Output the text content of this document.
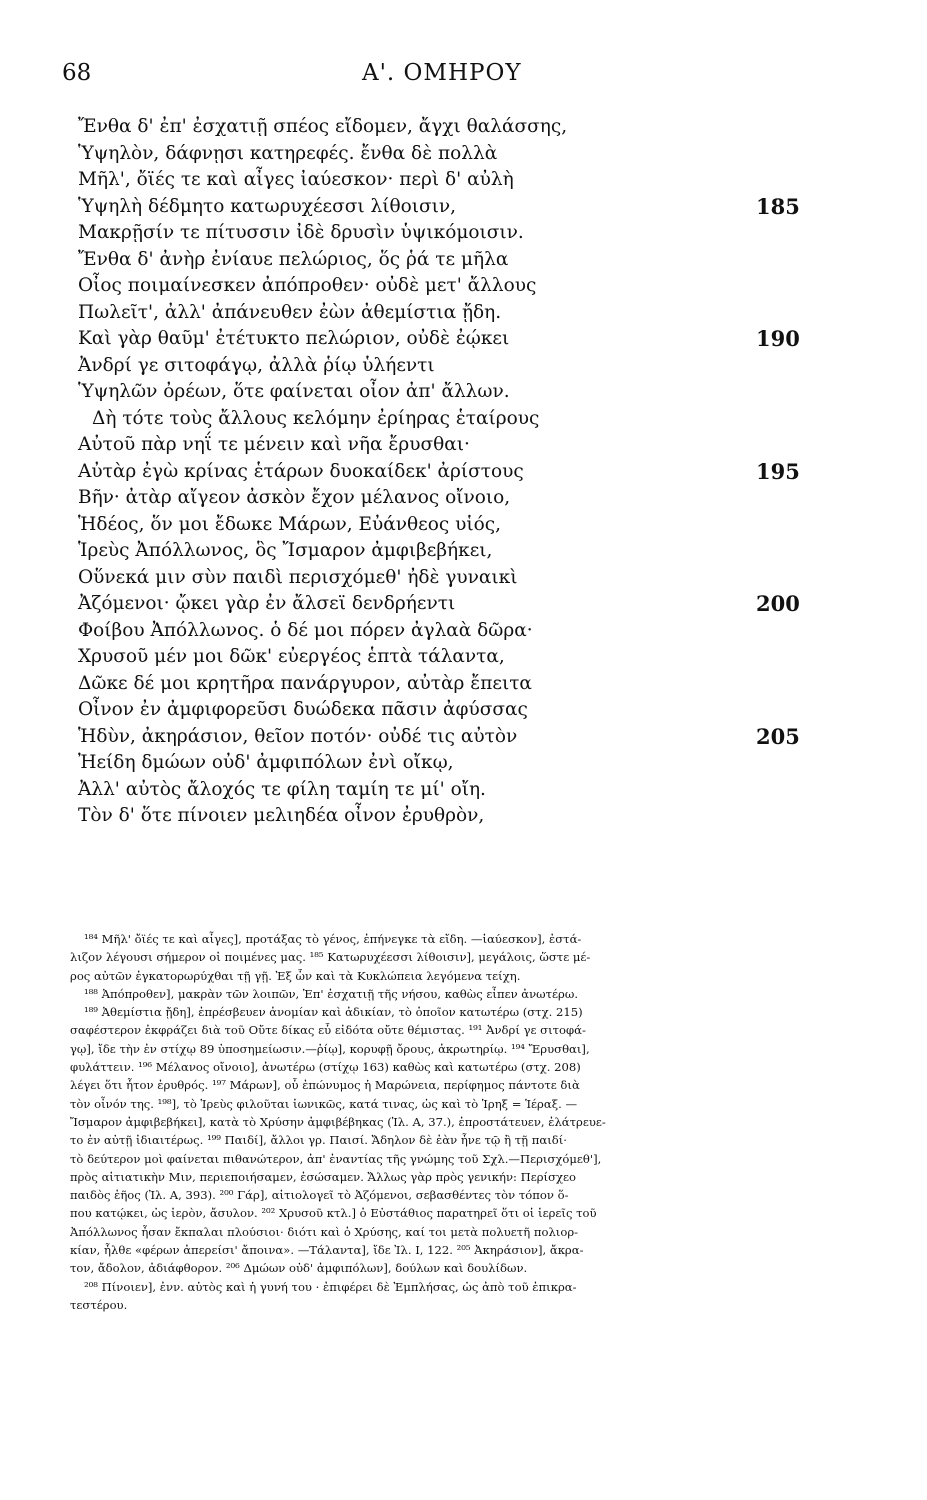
68	Α'. ΟΜΗΡΟΥ
Ἔνθα δ' ἐπ' ἐσχατιῇ σπέος εἴδομεν, ἄγχι θαλάσσης,
Ὑψηλὸν, δάφνῃσι κατηρεφές. ἔνθα δὲ πολλὰ
Μῆλ', ὄϊές τε καὶ αἶγες ἰαύεσκον· περὶ δ' αὐλὴ
Ὑψηλὴ δέδμητο κατωρυχέεσσι λίθοισιν,	185
Μακρῇσίν τε πίτυσσιν ἰδὲ δρυσὶν ὑψικόμοισιν.
Ἔνθα δ' ἀνὴρ ἐνίαυε πελώριος, ὅς ῥά τε μῆλα
Οἶος ποιμαίνεσκεν ἀπόπροθεν· οὐδὲ μετ' ἄλλους
Πωλεῖτ', ἀλλ' ἀπάνευθεν ἐὼν ἀθεμίστια ᾔδη.
Καὶ γὰρ θαῦμ' ἐτέτυκτο πελώριον, οὐδὲ ἐῴκει	190
Ἀνδρί γε σιτοφάγῳ, ἀλλὰ ῥίῳ ὑλήεντι
Ὑψηλῶν ὀρέων, ὅτε φαίνεται οἶον ἀπ' ἄλλων.
Δὴ τότε τοὺς ἄλλους κελόμην ἐρίηρας ἑταίρους
Αὐτοῦ πὰρ νηΐ τε μένειν καὶ νῆα ἔρυσθαι·
Αὐτὰρ ἐγὼ κρίνας ἑτάρων δυοκαίδεκ' ἀρίστους	195
Βῆν· ἀτὰρ αἴγεον ἀσκὸν ἔχον μέλανος οἴνοιο,
Ἡδέος, ὅν μοι ἔδωκε Μάρων, Εὐάνθεος υἱός,
Ἱρεὺς Ἀπόλλωνος, ὃς Ἴσμαρον ἀμφιβεβήκει,
Οὕνεκά μιν σὺν παιδὶ περισχόμεθ' ἠδὲ γυναικὶ
Ἀζόμενοι· ᾤκει γὰρ ἐν ἄλσεϊ δενδρήεντι	200
Φοίβου Ἀπόλλωνος. ὁ δέ μοι πόρεν ἀγλαὰ δῶρα·
Χρυσοῦ μέν μοι δῶκ' εὐεργέος ἑπτὰ τάλαντα,
Δῶκε δέ μοι κρητῆρα πανάργυρον, αὐτὰρ ἔπειτα
Οἶνον ἐν ἀμφιφορεῦσι δυώδεκα πᾶσιν ἀφύσσας
Ἡδὺν, ἀκηράσιον, θεῖον ποτόν· οὐδέ τις αὐτὸν	205
Ἠείδη δμώων οὐδ' ἀμφιπόλων ἐνὶ οἴκῳ,
Ἀλλ' αὐτὸς ἄλοχός τε φίλη ταμίη τε μί' οἴη.
Τὸν δ' ὅτε πίνοιεν μελιηδέα οἶνον ἐρυθρὸν,
¹⁸⁴ Μῆλ' ὄϊές τε καὶ αἶγες], προτάξας τὸ γένος, ἐπήνεγκε τὰ εἴδη. —ἰαύεσκον], ἐστά-
λιζον λέγουσι σήμερον οἱ ποιμένες μας. ¹⁸⁵ Κατωρυχέεσσι λίθοισιν], μεγάλοις, ὥστε μέ-
ρος αὐτῶν ἐγκατορωρύχθαι τῇ γῇ. Ἐξ ὧν καὶ τὰ Κυκλώπεια λεγόμενα τείχη.
¹⁸⁸ Ἀπόπροθεν], μακρὰν τῶν λοιπῶν, Ἐπ' ἐσχατιῇ τῆς νήσου, καθὼς εἶπεν ἀνωτέρω.
¹⁸⁹ Ἀθεμίστια ᾔδη], ἐπρέσβευεν ἀνομίαν καὶ ἀδικίαν, τὸ ὁποῖον κατωτέρω (στχ. 215)
σαφέστερον ἐκφράζει διὰ τοῦ Οὔτε δίκας εὖ εἰδότα οὔτε θέμιστας. ¹⁹¹ Ἀνδρί γε σιτοφά-
γῳ], ἴδε τὴν ἐν στίχῳ 89 ὑποσημείωσιν.—ῥίῳ], κορυφῇ ὄρους, ἀκρωτηρίῳ. ¹⁹⁴ Ἔρυσθαι],
φυλάττειν. ¹⁹⁶ Μέλανος οἴνοιο], ἀνωτέρω (στίχῳ 163) καθὼς καὶ κατωτέρω (στχ. 208)
λέγει ὅτι ἦτον ἐρυθρός. ¹⁹⁷ Μάρων], οὗ ἐπώνυμος ἡ Μαρώνεια, περίφημος πάντοτε διὰ
τὸν οἶνόν της. ¹⁹⁸], τὸ Ἱρεὺς φιλοῦται ἰωνικῶς, κατά τινας, ὡς καὶ τὸ Ἱρηξ = Ἱέραξ. —
Ἴσμαρον ἀμφιβεβήκει], κατὰ τὸ Χρύσην ἀμφιβέβηκας (Ἰλ. Α, 37.), ἐπροστάτευεν, ἐλάτρευε-
το ἐν αὐτῇ ἰδιαιτέρως. ¹⁹⁹ Παιδί], ἄλλοι γρ. Παισί. Ἄδηλον δὲ ἐὰν ἦνε τῷ ἢ τῇ παιδί·
τὸ δεύτερον μοὶ φαίνεται πιθανώτερον, ἀπ' ἐναντίας τῆς γνώμης τοῦ Σχλ.—Περισχόμεθ'],
πρὸς αἰτιατικὴν Μιν, περιεποιήσαμεν, ἐσώσαμεν. Ἄλλως γὰρ πρὸς γενικήν: Περίσχεο
παιδὸς ἑῆος (Ἰλ. Α, 393). ²⁰⁰ Γάρ], αἰτιολογεῖ τὸ Ἀζόμενοι, σεβασθέντες τὸν τόπον ὅ-
που κατῴκει, ὡς ἱερὸν, ἄσυλον. ²⁰² Χρυσοῦ κτλ.] ὁ Εὐστάθιος παρατηρεῖ ὅτι οἱ ἱερεῖς τοῦ
Ἀπόλλωνος ἦσαν ἔκπαλαι πλούσιοι· διότι καὶ ὁ Χρύσης, καί τοι μετὰ πολυετῆ πολιορ-
κίαν, ἦλθε «φέρων ἀπερείσι' ἄποινα». —Τάλαντα], ἴδε Ἰλ. Ι, 122. ²⁰⁵ Ἀκηράσιον], ἄκρα-
τον, ἄδολον, ἀδιάφθορον. ²⁰⁶ Δμώων οὐδ' ἀμφιπόλων], δούλων καὶ δουλίδων.
²⁰⁸ Πίνοιεν], ἐνν. αὐτὸς καὶ ἡ γυνή του · ἐπιφέρει δὲ Ἐμπλήσας, ὡς ἀπὸ τοῦ ἐπικρα-
τεστέρου.
